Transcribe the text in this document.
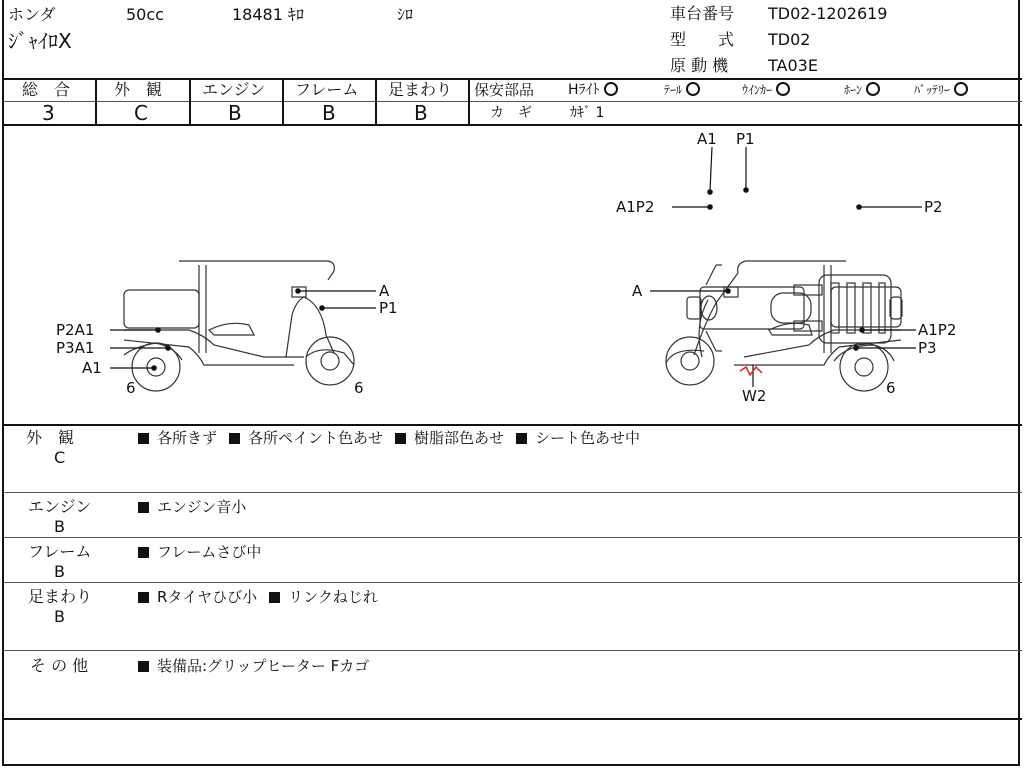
ホンダ	50cc	18481 ｷﾛ	ｼﾛ
ｼﾞｬｲﾛX
車台番号 TD02-1202619
型　　式 TD02
原 動 機 TA03E
総　合
3
外　観
C
エンジン
B
フレーム
B
足まわり
B
保安部品 Hﾗｲﾄ	ﾃｰﾙ	ｳｲﾝｶｰ	ﾎｰﾝ	ﾊﾞｯﾃﾘｰ
カ　ギ	ｶｷﾞ 1
A1 P1
A1P2	P2
A
P1
P2A1
P3A1
A1
6	6
A
A1P2
P3
W2	6
外　観
C
各所きず 各所ペイント色あせ 樹脂部色あせ シート色あせ中
エンジン
B
エンジン音小
フレーム
B
フレームさび中
足まわり
B
Rタイヤひび小 リンクねじれ
そ の 他	装備品:グリップヒーター Fカゴ
